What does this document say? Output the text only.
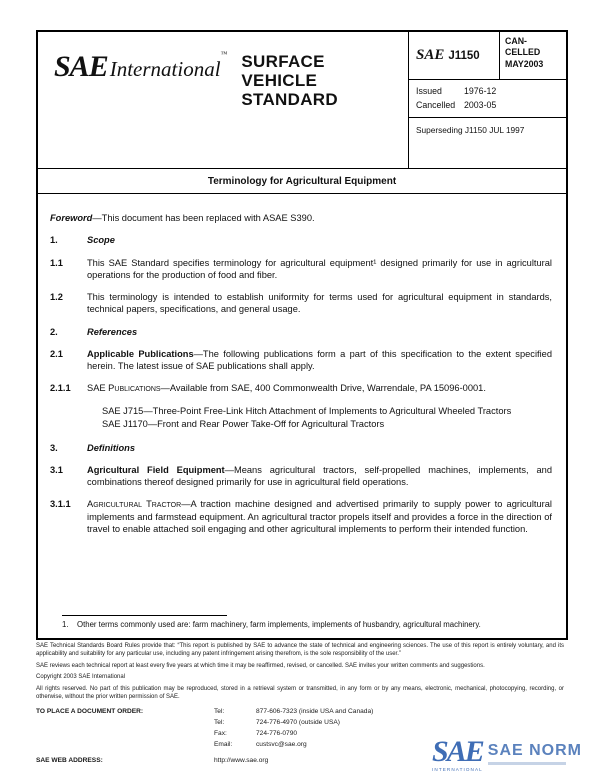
SAEInternational™ SURFACE
VEHICLE
STANDARD
SAE J1150
CAN-
CELLED
MAY2003
Issued	1976-12
Cancelled	2003-05
Superseding J1150 JUL 1997
Terminology for Agricultural Equipment
Foreword—This document has been replaced with ASAE S390.
1.	Scope
1.1	This SAE Standard specifies terminology for agricultural equipment¹ designed primarily for use in agricultural operations for the production of food and fiber.
1.2	This terminology is intended to establish uniformity for terms used for agricultural equipment in standards, technical papers, specifications, and general usage.
2.	References
2.1	Applicable Publications—The following publications form a part of this specification to the extent specified herein. The latest issue of SAE publications shall apply.
2.1.1	SAE Publications—Available from SAE, 400 Commonwealth Drive, Warrendale, PA 15096-0001.
SAE J715—Three-Point Free-Link Hitch Attachment of Implements to Agricultural Wheeled Tractors
SAE J1170—Front and Rear Power Take-Off for Agricultural Tractors
3.	Definitions
3.1	Agricultural Field Equipment—Means agricultural tractors, self-propelled machines, implements, and combinations thereof designed primarily for use in agricultural field operations.
3.1.1	Agricultural Tractor—A traction machine designed and advertised primarily to supply power to agricultural implements and farmstead equipment. An agricultural tractor propels itself and provides a force in the direction of travel to enable attached soil engaging and other agricultural implements to perform their intended function.
1.	Other terms commonly used are: farm machinery, farm implements, implements of husbandry, agricultural machinery.

SAE Technical Standards Board Rules provide that: “This report is published by SAE to advance the state of technical and engineering sciences. The use of this report is entirely voluntary, and its applicability and suitability for any particular use, including any patent infringement arising therefrom, is the sole responsibility of the user.”

SAE reviews each technical report at least every five years at which time it may be reaffirmed, revised, or cancelled. SAE invites your written comments and suggestions.

Copyright 2003 SAE International

All rights reserved. No part of this publication may be reproduced, stored in a retrieval system or transmitted, in any form or by any means, electronic, mechanical, photocopying, recording, or otherwise, without the prior written permission of SAE.

TO PLACE A DOCUMENT ORDER:	Tel:	877-606-7323 (inside USA and Canada)
Tel:	724-776-4970 (outside USA)
Fax:	724-776-0790
Email:	custsvc@sae.org
SAE WEB ADDRESS:	http://www.sae.org	SAE
INTERNATIONAL
SAE NORM
